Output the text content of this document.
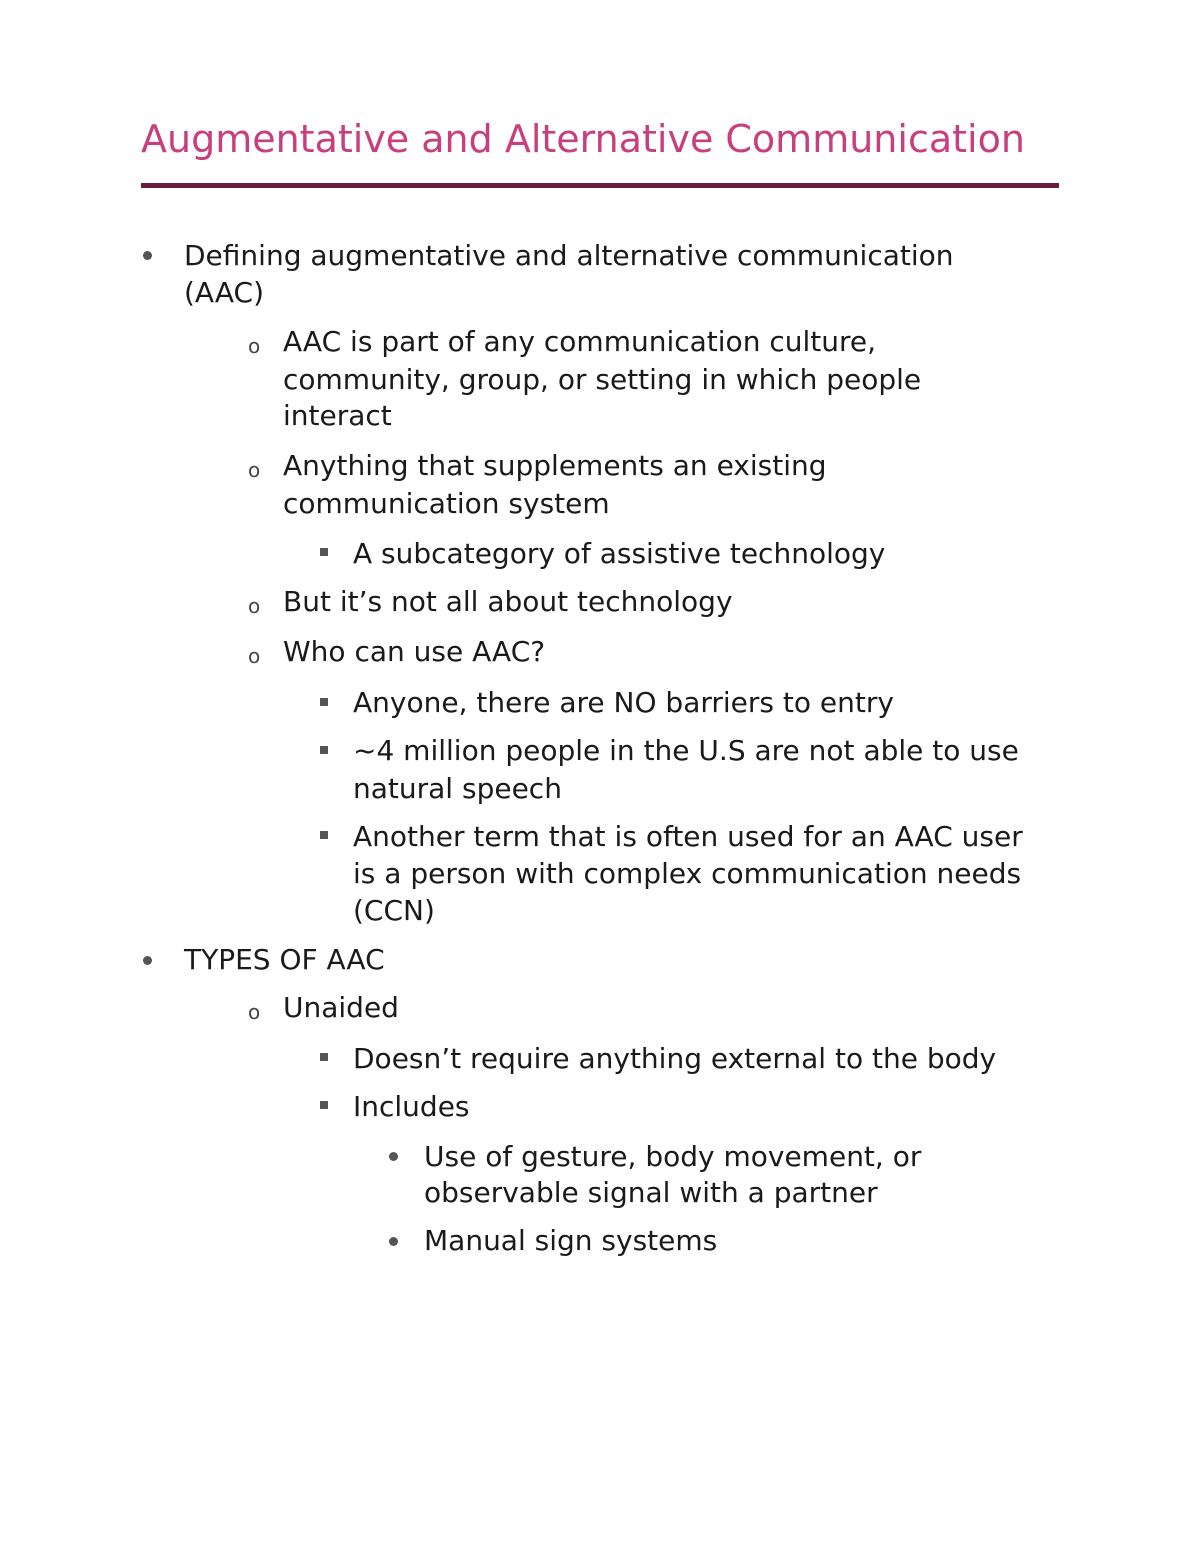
Augmentative and Alternative Communication
Defining augmentative and alternative communication
(AAC)
o AAC is part of any communication culture,
community, group, or setting in which people
interact
o Anything that supplements an existing
communication system
A subcategory of assistive technology
o But it’s not all about technology
o Who can use AAC?
Anyone, there are NO barriers to entry
~4 million people in the U.S are not able to use
natural speech
Another term that is often used for an AAC user
is a person with complex communication needs
(CCN)
TYPES OF AAC
o Unaided
Doesn’t require anything external to the body
Includes
Use of gesture, body movement, or
observable signal with a partner
Manual sign systems
